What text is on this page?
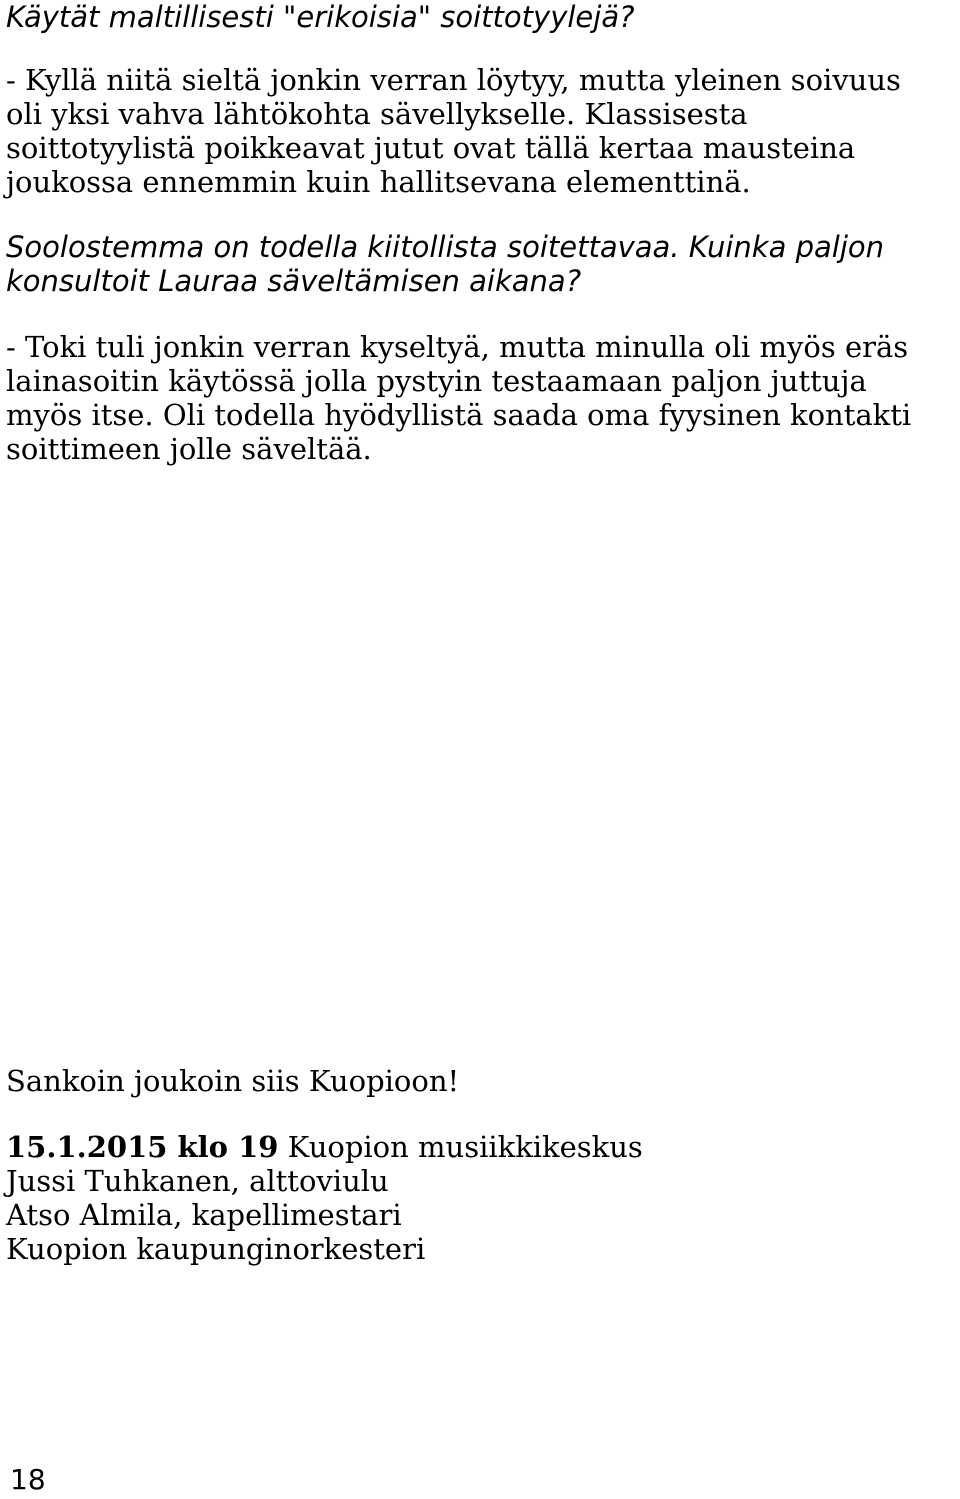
Käytät maltillisesti "erikoisia" soittotyylejä?

- Kyllä niitä sieltä jonkin verran löytyy, mutta yleinen soivuus
oli yksi vahva lähtökohta sävellykselle. Klassisesta
soittotyylistä poikkeavat jutut ovat tällä kertaa mausteina
joukossa ennemmin kuin hallitsevana elementtinä.

Soolostemma on todella kiitollista soitettavaa. Kuinka paljon
konsultoit Lauraa säveltämisen aikana?

- Toki tuli jonkin verran kyseltyä, mutta minulla oli myös eräs
lainasoitin käytössä jolla pystyin testaamaan paljon juttuja
myös itse. Oli todella hyödyllistä saada oma fyysinen kontakti
soittimeen jolle säveltää.

Sankoin joukoin siis Kuopioon!

15.1.2015 klo 19 Kuopion musiikkikeskus
Jussi Tuhkanen, alttoviulu
Atso Almila, kapellimestari
Kuopion kaupunginorkesteri

18
